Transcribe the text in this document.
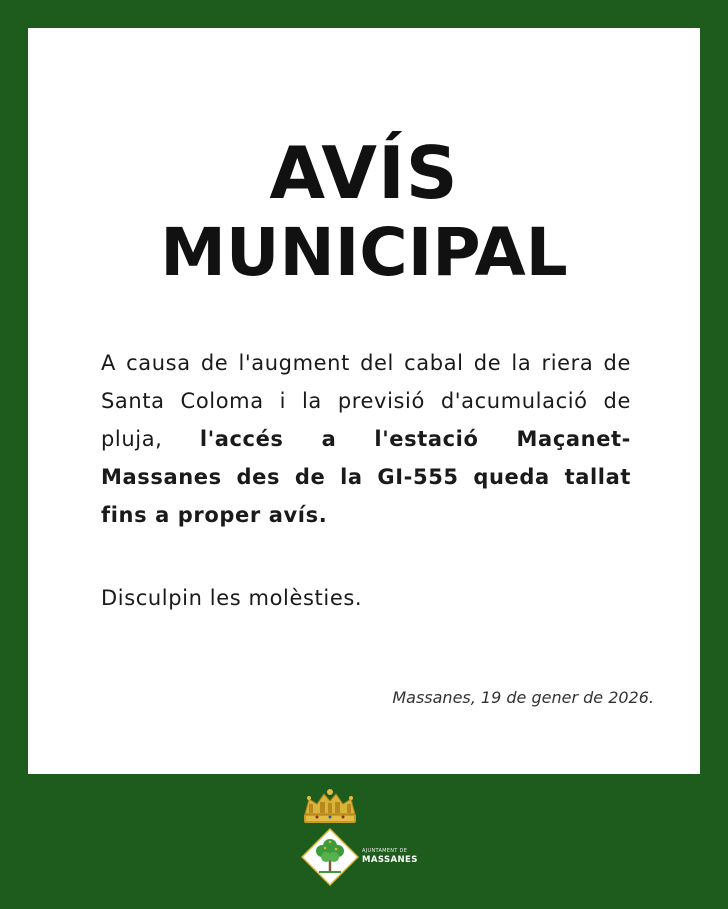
AVÍS
MUNICIPAL
A causa de l'augment del cabal de la riera de Santa Coloma i la previsió d'acumulació de pluja, l'accés a l'estació Maçanet-Massanes des de la GI-555 queda tallat fins a proper avís.
Disculpin les molèsties.
Massanes, 19 de gener de 2026.
AJUNTAMENT DE
MASSANES
